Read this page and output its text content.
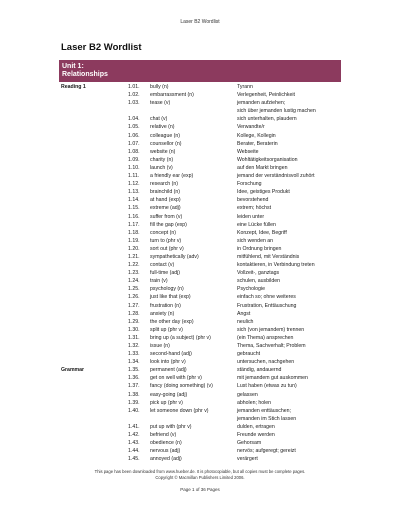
Laser B2 Wordlist
Laser B2 Wordlist
Unit 1:
Relationships
Reading 1	1.01. bully (n)	Tyrann
1.02. embarrassment (n)	Verlegenheit, Peinlichkeit
1.03. tease (v)	jemanden aufziehen;
sich über jemanden lustig machen
1.04. chat (v)	sich unterhalten, plaudern
1.05. relative (n)	Verwandte/r
1.06. colleague (n)	Kollege, Kollegin
1.07. counsellor (n)	Berater, Beraterin
1.08. website (n)	Webseite
1.09. charity (n)	Wohltätigkeitsorganisation
1.10. launch (v)	auf den Markt bringen
1.11. a friendly ear (exp)	jemand der verständnisvoll zuhört
1.12. research (n)	Forschung
1.13. brainchild (n)	Idee, geistiges Produkt
1.14. at hand (exp)	bevorstehend
1.15. extreme (adj)	extrem; höchst
1.16. suffer from (v)	leiden unter
1.17. fill the gap (exp)	eine Lücke füllen
1.18. concept (n)	Konzept, Idee, Begriff
1.19. turn to (phr v)	sich wenden an
1.20. sort out (phr v)	in Ordnung bringen
1.21. sympathetically (adv)	mitfühlend, mit Verständnis
1.22. contact (v)	kontaktieren, in Verbindung treten
1.23. full-time (adj)	Vollzeit-, ganztags
1.24. train (v)	schulen, ausbilden
1.25. psychology (n)	Psychologie
1.26. just like that (exp)	einfach so; ohne weiteres
1.27. frustration (n)	Frustration, Enttäuschung
1.28. anxiety (n)	Angst
1.29. the other day (exp)	neulich
1.30. split up (phr v)	sich (von jemandem) trennen
1.31. bring up (a subject) (phr v)	(ein Thema) ansprechen
1.32. issue (n)	Thema, Sachverhalt; Problem
1.33. second-hand (adj)	gebraucht
1.34. look into (phr v)	untersuchen, nachgehen
Grammar	1.35. permanent (adj)	ständig, andauernd
1.36. get on well with (phr v)	mit jemandem gut auskommen
1.37. fancy (doing something) (v)	Lust haben (etwas zu tun)
1.38. easy-going (adj)	gelassen
1.39. pick up (phr v)	abholen; holen
1.40. let someone down (phr v)	jemanden enttäuschen;
jemanden im Stich lassen
1.41. put up with (phr v)	dulden, ertragen
1.42. befriend (v)	Freunde werden
1.43. obedience (n)	Gehorsam
1.44. nervous (adj)	nervös; aufgeregt; gereizt
1.45. annoyed (adj)	verärgert
This page has been downloaded from www.hueber.de. It is photocopiable, but all copies must be complete pages.
Copyright © Macmillan Publishers Limited 2006.
Page 1 of 36 Pages
